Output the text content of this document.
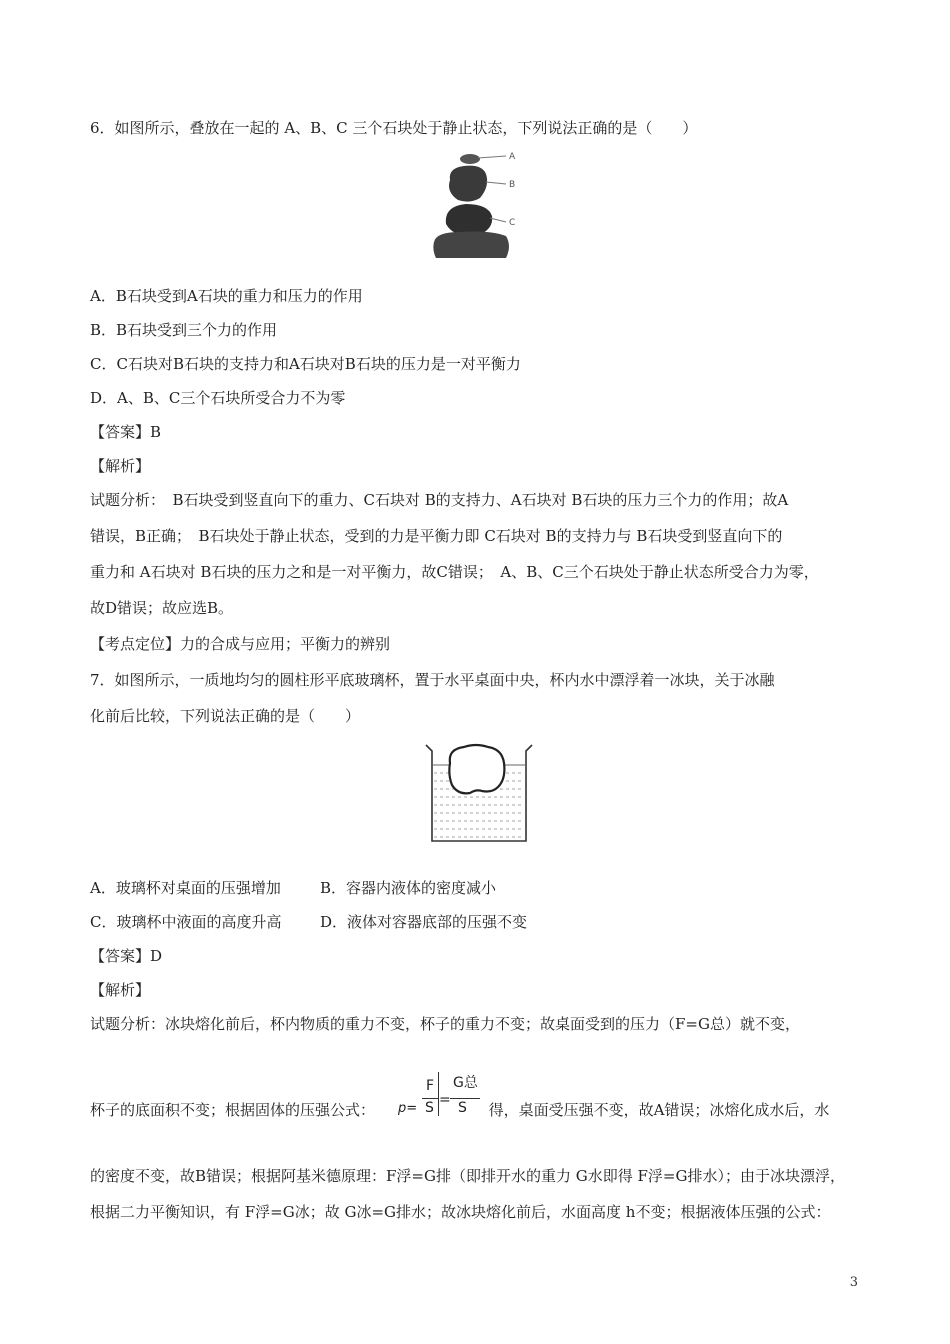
6．如图所示，叠放在一起的 A、B、C 三个石块处于静止状态，下列说法正确的是（　　）
A
B
C
A．B石块受到A石块的重力和压力的作用
B．B石块受到三个力的作用
C．C石块对B石块的支持力和A石块对B石块的压力是一对平衡力
D．A、B、C三个石块所受合力不为零
【答案】B
【解析】
试题分析：　B石块受到竖直向下的重力、C石块对 B的支持力、A石块对 B石块的压力三个力的作用；故A
错误，B正确；　B石块处于静止状态，受到的力是平衡力即 C石块对 B的支持力与 B石块受到竖直向下的
重力和 A石块对 B石块的压力之和是一对平衡力，故C错误；　A、B、C三个石块处于静止状态所受合力为零，
故D错误；故应选B。
【考点定位】力的合成与应用；平衡力的辨别
7．如图所示，一质地均匀的圆柱形平底玻璃杯，置于水平桌面中央，杯内水中漂浮着一冰块，关于冰融
化前后比较，下列说法正确的是（　　）
A．玻璃杯对桌面的压强增加	B．容器内液体的密度减小
C．玻璃杯中液面的高度升高	D．液体对容器底部的压强不变
【答案】D
【解析】
试题分析：冰块熔化前后，杯内物质的重力不变，杯子的重力不变；故桌面受到的压力（F=G总）就不变，
杯子的底面积不变；根据固体的压强公式：	得，桌面受压强不变，故A错误；冰熔化成水后，水
p=
F
S =
G总
S
的密度不变，故B错误；根据阿基米德原理：F浮=G排（即排开水的重力 G水即得 F浮=G排水）；由于冰块漂浮，
根据二力平衡知识，有 F浮=G冰；故 G冰=G排水；故冰块熔化前后，水面高度 h不变；根据液体压强的公式：
3
